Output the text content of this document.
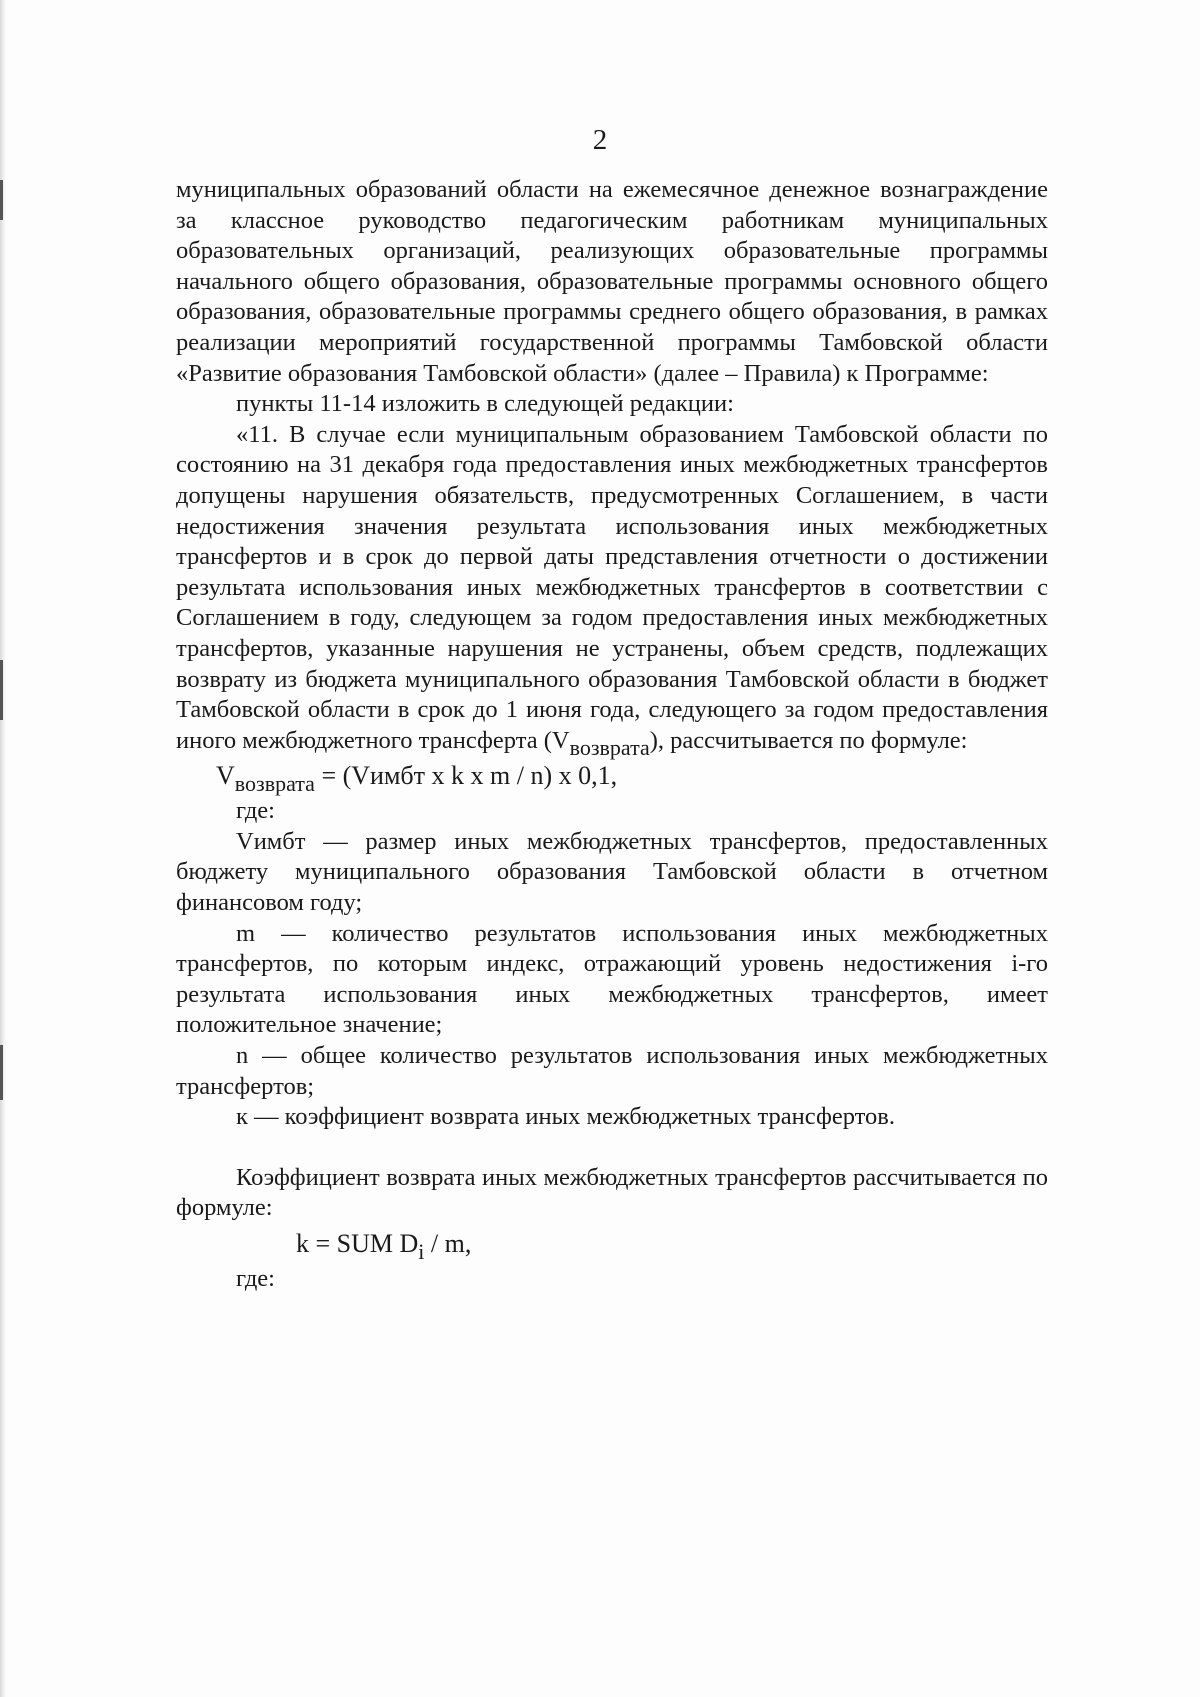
2

муниципальных образований области на ежемесячное денежное вознаграждение за классное руководство педагогическим работникам муниципальных образовательных организаций, реализующих образовательные программы начального общего образования, образовательные программы основного общего образования, образовательные программы среднего общего образования, в рамках реализации мероприятий государственной программы Тамбовской области «Развитие образования Тамбовской области» (далее – Правила) к Программе:

пункты 11-14 изложить в следующей редакции:

«11. В случае если муниципальным образованием Тамбовской области по состоянию на 31 декабря года предоставления иных межбюджетных трансфертов допущены нарушения обязательств, предусмотренных Соглашением, в части недостижения значения результата использования иных межбюджетных трансфертов и в срок до первой даты представления отчетности о достижении результата использования иных межбюджетных трансфертов в соответствии с Соглашением в году, следующем за годом предоставления иных межбюджетных трансфертов, указанные нарушения не устранены, объем средств, подлежащих возврату из бюджета муниципального образования Тамбовской области в бюджет Тамбовской области в срок до 1 июня года, следующего за годом предоставления иного межбюджетного трансферта (Vвозврата), рассчитывается по формуле:

$V_{возврата}$ = (Vимбт x k x m / n) x 0,1,

где:

Vимбт — размер иных межбюджетных трансфертов, предоставленных бюджету муниципального образования Тамбовской области в отчетном финансовом году;

m — количество результатов использования иных межбюджетных трансфертов, по которым индекс, отражающий уровень недостижения i-го результата использования иных межбюджетных трансфертов, имеет положительное значение;

n — общее количество результатов использования иных межбюджетных трансфертов;

к — коэффициент возврата иных межбюджетных трансфертов.

Коэффициент возврата иных межбюджетных трансфертов рассчитывается по формуле:

k = SUM $D_i$ / m,

где:
